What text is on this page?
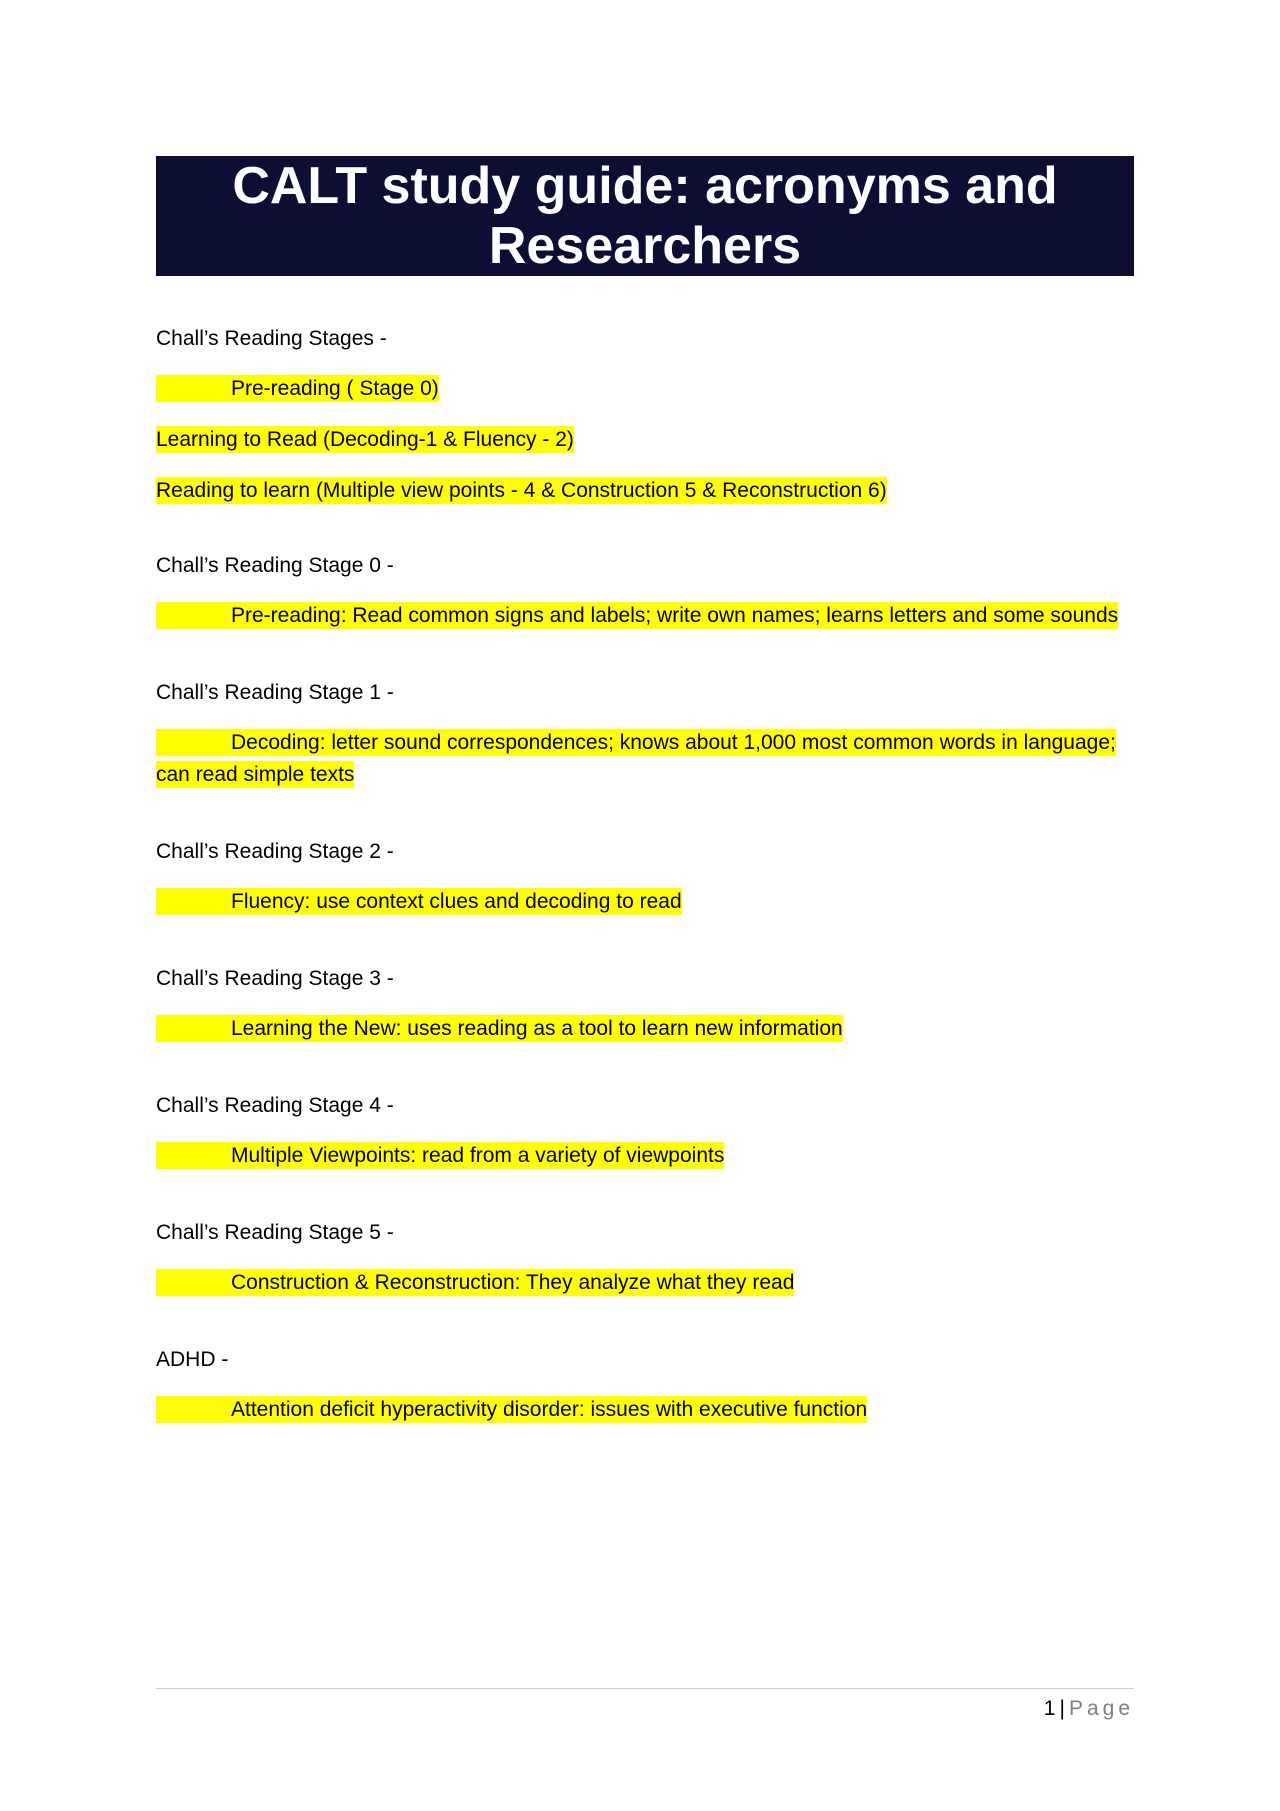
CALT study guide: acronyms and Researchers

Chall’s Reading Stages -

Pre-reading ( Stage 0)

Learning to Read (Decoding-1 & Fluency - 2)

Reading to learn (Multiple view points - 4 & Construction 5 & Reconstruction 6)

Chall’s Reading Stage 0 -

Pre-reading: Read common signs and labels; write own names; learns letters and some sounds

Chall’s Reading Stage 1 -

Decoding: letter sound correspondences; knows about 1,000 most common words in language; can read simple texts

Chall’s Reading Stage 2 -

Fluency: use context clues and decoding to read

Chall’s Reading Stage 3 -

Learning the New: uses reading as a tool to learn new information

Chall’s Reading Stage 4 -

Multiple Viewpoints: read from a variety of viewpoints

Chall’s Reading Stage 5 -

Construction & Reconstruction: They analyze what they read

ADHD -

Attention deficit hyperactivity disorder: issues with executive function

1 | Page
